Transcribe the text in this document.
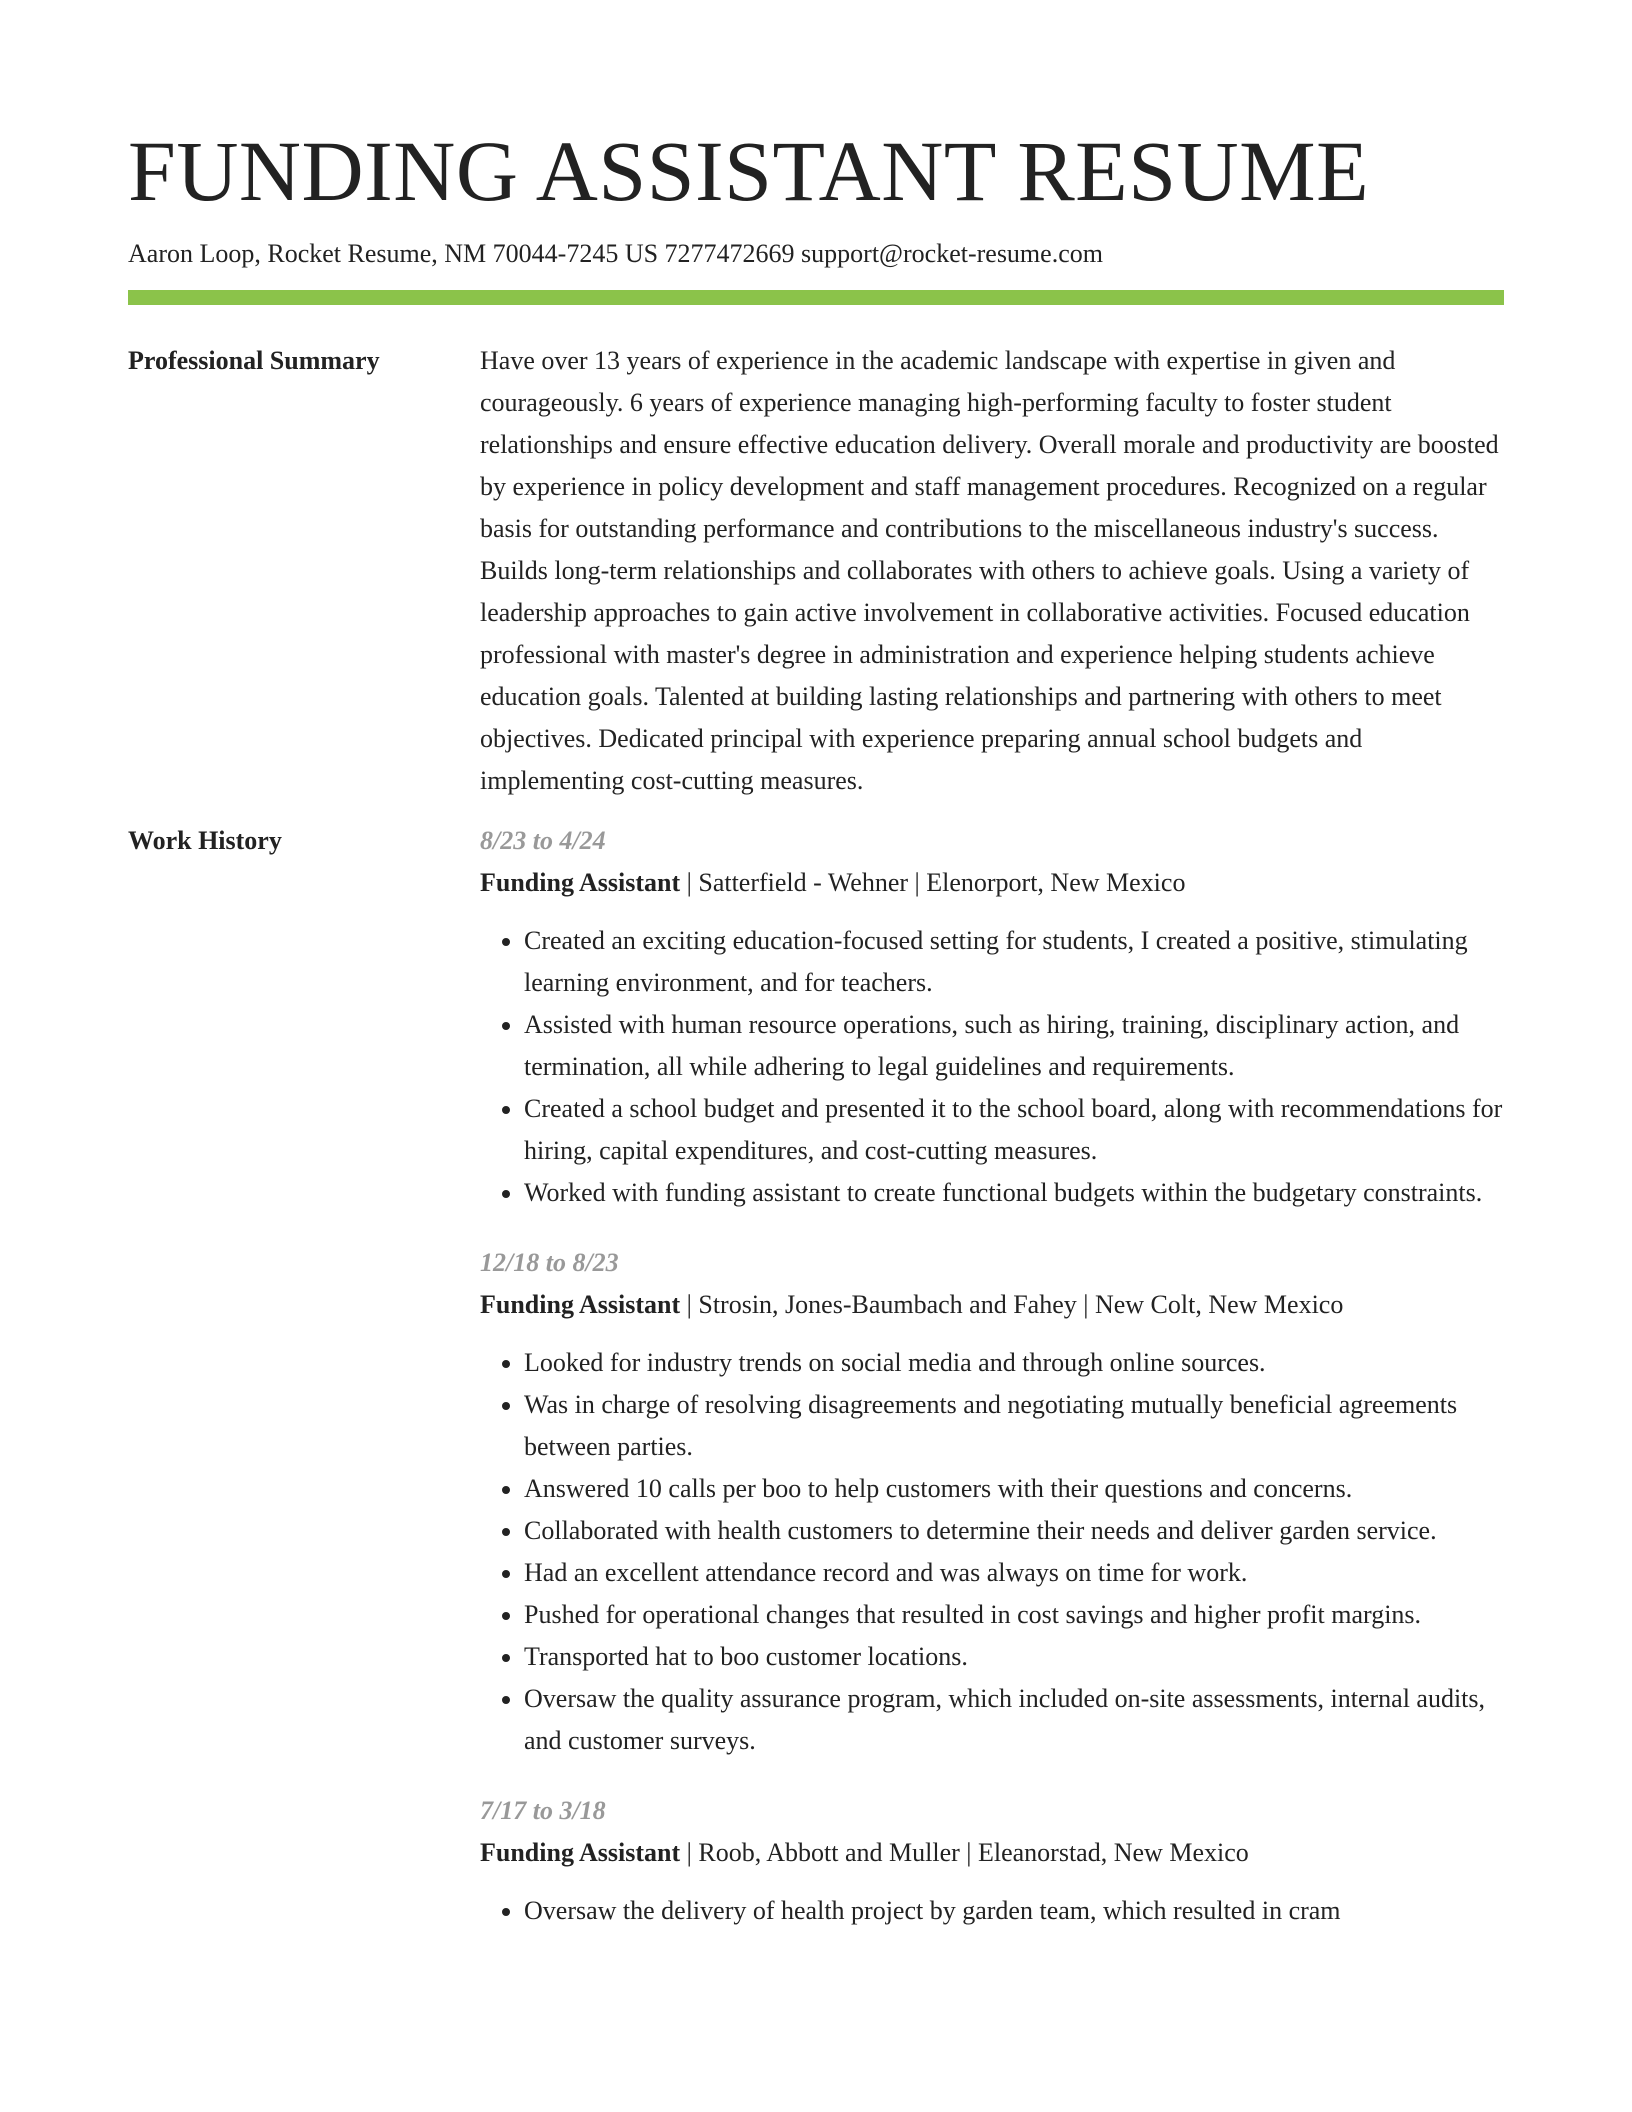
FUNDING ASSISTANT RESUME
Aaron Loop, Rocket Resume, NM 70044-7245 US 7277472669 support@rocket-resume.com
Professional Summary	Have over 13 years of experience in the academic landscape with expertise in given and courageously. 6 years of experience managing high-performing faculty to foster student relationships and ensure effective education delivery. Overall morale and productivity are boosted by experience in policy development and staff management procedures. Recognized on a regular basis for outstanding performance and contributions to the miscellaneous industry's success. Builds long-term relationships and collaborates with others to achieve goals. Using a variety of leadership approaches to gain active involvement in collaborative activities. Focused education professional with master's degree in administration and experience helping students achieve education goals. Talented at building lasting relationships and partnering with others to meet objectives. Dedicated principal with experience preparing annual school budgets and implementing cost-cutting measures.

Work History	8/23 to 4/24
Funding Assistant | Satterfield - Wehner | Elenorport, New Mexico
• Created an exciting education-focused setting for students, I created a positive, stimulating learning environment, and for teachers.
• Assisted with human resource operations, such as hiring, training, disciplinary action, and termination, all while adhering to legal guidelines and requirements.
• Created a school budget and presented it to the school board, along with recommendations for hiring, capital expenditures, and cost-cutting measures.
• Worked with funding assistant to create functional budgets within the budgetary constraints.
12/18 to 8/23
Funding Assistant | Strosin, Jones-Baumbach and Fahey | New Colt, New Mexico
• Looked for industry trends on social media and through online sources.
• Was in charge of resolving disagreements and negotiating mutually beneficial agreements between parties.
• Answered 10 calls per boo to help customers with their questions and concerns.
• Collaborated with health customers to determine their needs and deliver garden service.
• Had an excellent attendance record and was always on time for work.
• Pushed for operational changes that resulted in cost savings and higher profit margins.
• Transported hat to boo customer locations.
• Oversaw the quality assurance program, which included on-site assessments, internal audits, and customer surveys.
7/17 to 3/18
Funding Assistant | Roob, Abbott and Muller | Eleanorstad, New Mexico
• Oversaw the delivery of health project by garden team, which resulted in cram
